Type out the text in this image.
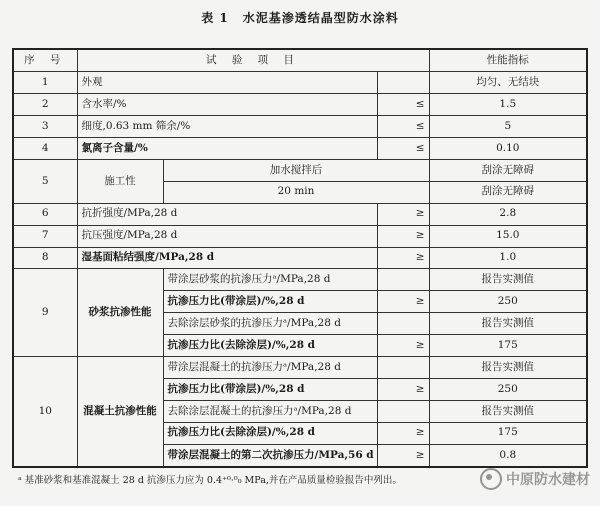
表 1 水泥基渗透结晶型防水涂料
序 号	试 验 项 目			性能指标
1	外观			均匀、无结块
2	含水率/%		≤	1.5
3	细度,0.63 mm 筛余/%		≤	5
4	氯离子含量/%		≤	0.10
5	施工性	加水搅拌后		刮涂无障碍
		20 min		刮涂无障碍
6	抗折强度/MPa,28 d		≥	2.8
7	抗压强度/MPa,28 d		≥	15.0
8	湿基面粘结强度/MPa,28 d		≥	1.0
9	砂浆抗渗性能	带涂层砂浆的抗渗压力ᵃ/MPa,28 d		报告实测值
		抗渗压力比(带涂层)/%,28 d	≥	250
		去除涂层砂浆的抗渗压力ᵃ/MPa,28 d		报告实测值
		抗渗压力比(去除涂层)/%,28 d	≥	175
10	混凝土抗渗性能	带涂层混凝土的抗渗压力ᵃ/MPa,28 d		报告实测值
		抗渗压力比(带涂层)/%,28 d	≥	250
		去除涂层混凝土的抗渗压力ᵃ/MPa,28 d		报告实测值
		抗渗压力比(去除涂层)/%,28 d	≥	175
		带涂层混凝土的第二次抗渗压力/MPa,56 d	≥	0.8
ᵃ 基准砂浆和基准混凝土 28 d 抗渗压力应为 0.4⁺⁰·⁰₀ MPa,并在产品质量检验报告中列出。	中原防水建材
